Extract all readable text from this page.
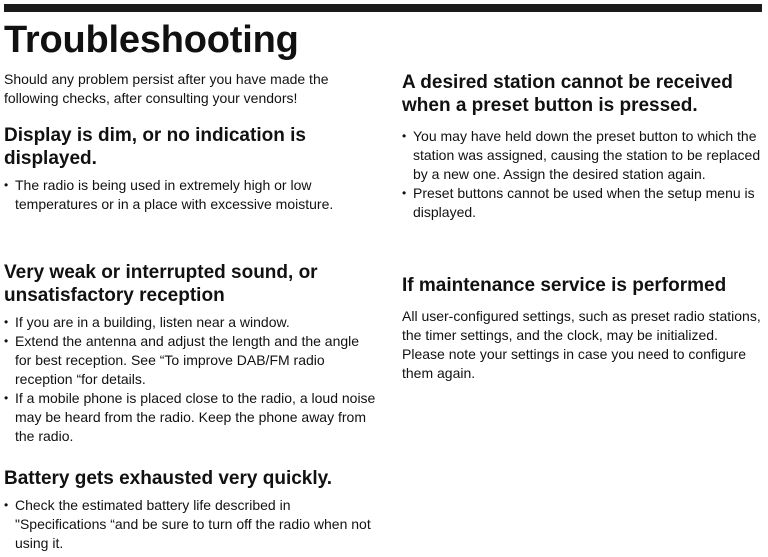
Troubleshooting

Should any problem persist after you have made the following checks, after consulting your vendors!

Display is dim, or no indication is displayed.
• The radio is being used in extremely high or low temperatures or in a place with excessive moisture.
Very weak or interrupted sound, or unsatisfactory reception
• If you are in a building, listen near a window.
• Extend the antenna and adjust the length and the angle for best reception. See “To improve DAB/FM radio reception “for details.
• If a mobile phone is placed close to the radio, a loud noise may be heard from the radio. Keep the phone away from the radio.
Battery gets exhausted very quickly.
• Check the estimated battery life described in "Specifications “and be sure to turn off the radio when not using it.
A desired station cannot be received when a preset button is pressed.
• You may have held down the preset button to which the station was assigned, causing the station to be replaced by a new one. Assign the desired station again.
• Preset buttons cannot be used when the setup menu is displayed.
If maintenance service is performed

All user-configured settings, such as preset radio stations, the timer settings, and the clock, may be initialized.

Please note your settings in case you need to configure them again.
